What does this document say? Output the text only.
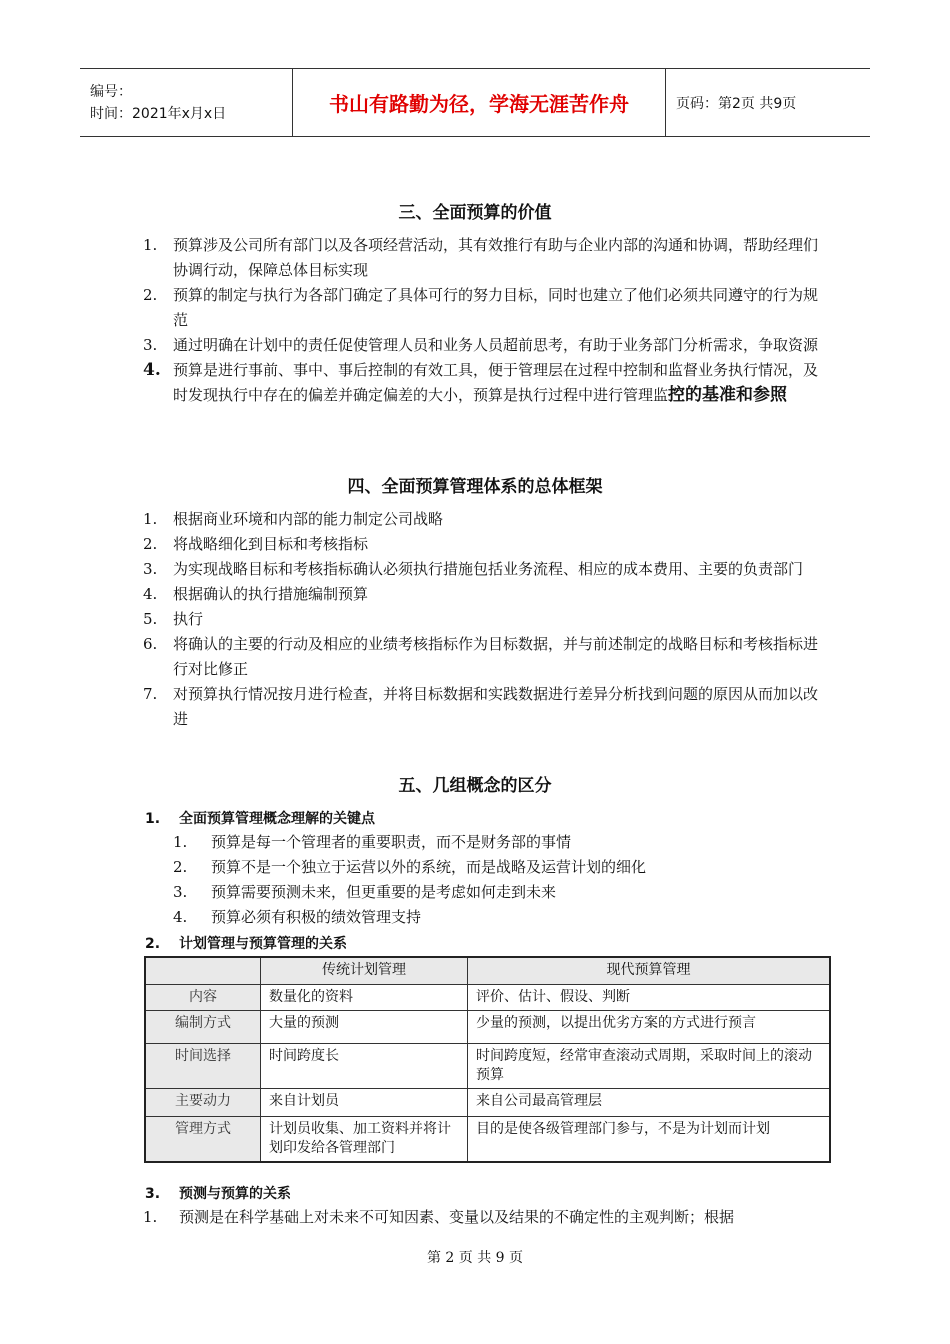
编号：
时间：2021年x月x日	书山有路勤为径，学海无涯苦作舟	页码：第2页 共9页
三、全面预算的价值
1. 预算涉及公司所有部门以及各项经营活动，其有效推行有助与企业内部的沟通和协调，帮助经理们协调行动，保障总体目标实现
2. 预算的制定与执行为各部门确定了具体可行的努力目标，同时也建立了他们必须共同遵守的行为规范
3. 通过明确在计划中的责任促使管理人员和业务人员超前思考，有助于业务部门分析需求，争取资源
4. 预算是进行事前、事中、事后控制的有效工具，便于管理层在过程中控制和监督业务执行情况，及时发现执行中存在的偏差并确定偏差的大小，预算是执行过程中进行管理监控的基准和参照
四、全面预算管理体系的总体框架
1. 根据商业环境和内部的能力制定公司战略
2. 将战略细化到目标和考核指标
3. 为实现战略目标和考核指标确认必须执行措施包括业务流程、相应的成本费用、主要的负责部门
4. 根据确认的执行措施编制预算
5. 执行
6. 将确认的主要的行动及相应的业绩考核指标作为目标数据，并与前述制定的战略目标和考核指标进行对比修正
7. 对预算执行情况按月进行检查，并将目标数据和实践数据进行差异分析找到问题的原因从而加以改进
五、几组概念的区分
1. 全面预算管理概念理解的关键点
1. 预算是每一个管理者的重要职责，而不是财务部的事情
2. 预算不是一个独立于运营以外的系统，而是战略及运营计划的细化
3. 预算需要预测未来，但更重要的是考虑如何走到未来
4. 预算必须有积极的绩效管理支持
2. 计划管理与预算管理的关系
	传统计划管理	现代预算管理
内容	数量化的资料	评价、估计、假设、判断
编制方式	大量的预测	少量的预测，以提出优劣方案的方式进行预言
时间选择	时间跨度长	时间跨度短，经常审查滚动式周期，采取时间上的滚动预算
主要动力	来自计划员	来自公司最高管理层
管理方式	计划员收集、加工资料并将计划印发给各管理部门	目的是使各级管理部门参与，不是为计划而计划
3. 预测与预算的关系
1. 预测是在科学基础上对未来不可知因素、变量以及结果的不确定性的主观判断；根据
第 2 页 共 9 页
